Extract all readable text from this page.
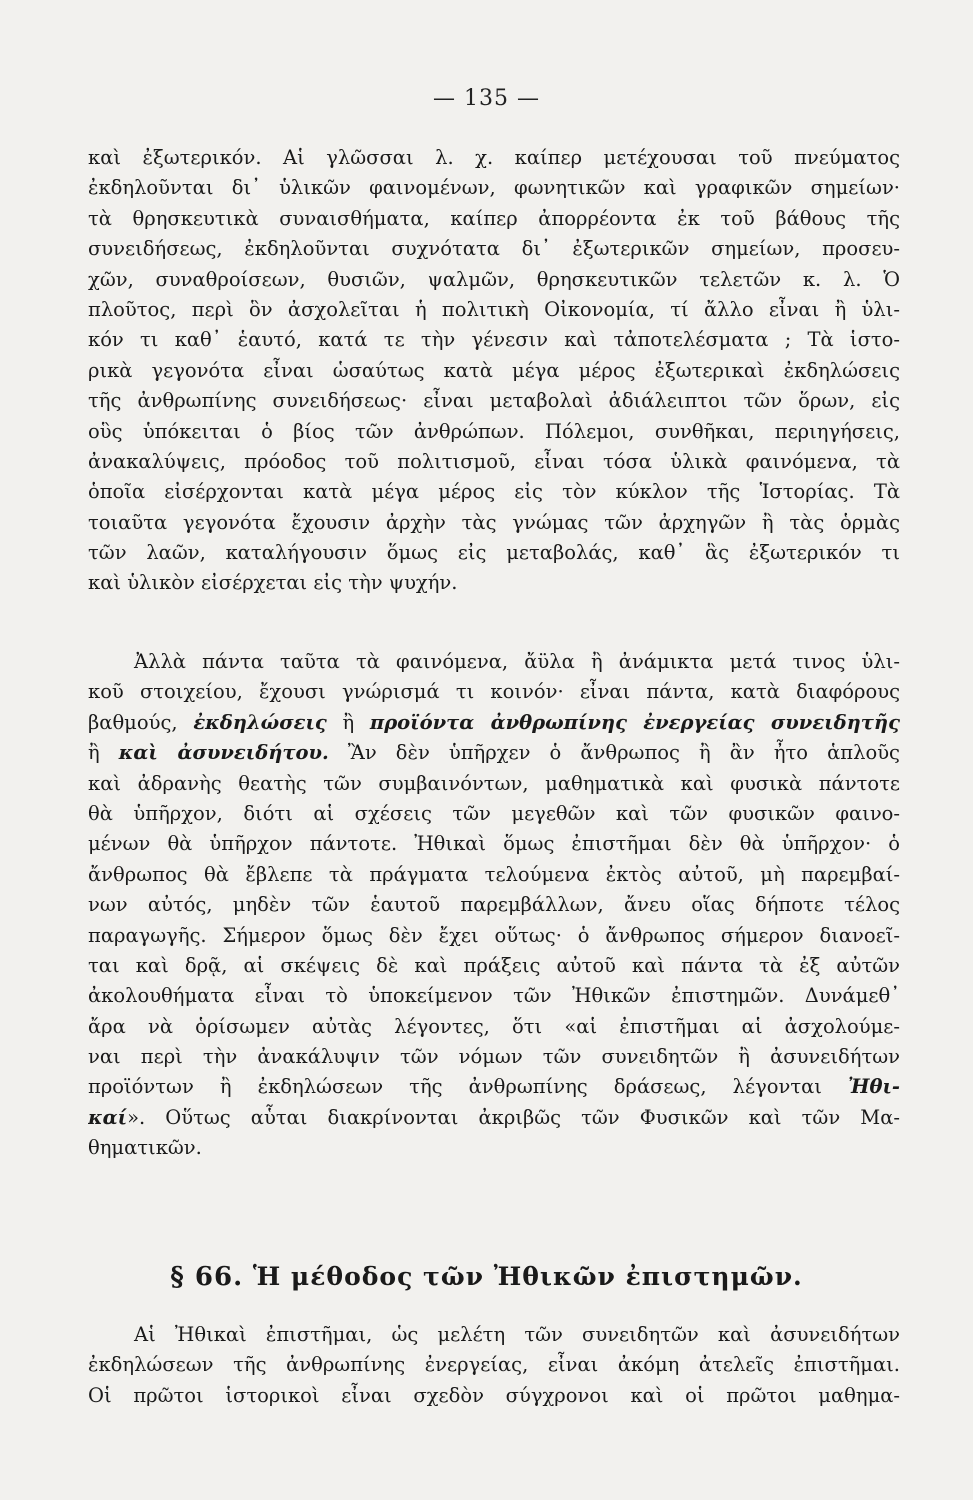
— 135 —
καὶ ἐξωτερικόν. Αἱ γλῶσσαι λ. χ. καίπερ μετέχουσαι τοῦ πνεύματος
ἐκδηλοῦνται δι᾽ ὑλικῶν φαινομένων, φωνητικῶν καὶ γραφικῶν σημείων·
τὰ θρησκευτικὰ συναισθήματα, καίπερ ἀπορρέοντα ἐκ τοῦ βάθους τῆς
συνειδήσεως, ἐκδηλοῦνται συχνότατα δι᾽ ἐξωτερικῶν σημείων, προσευ-
χῶν, συναθροίσεων, θυσιῶν, ψαλμῶν, θρησκευτικῶν τελετῶν κ. λ. Ὁ
πλοῦτος, περὶ ὃν ἀσχολεῖται ἡ πολιτικὴ Οἰκονομία, τί ἄλλο εἶναι ἢ ὑλι-
κόν τι καθ᾽ ἑαυτό, κατά τε τὴν γένεσιν καὶ τἀποτελέσματα ; Τὰ ἱστο-
ρικὰ γεγονότα εἶναι ὡσαύτως κατὰ μέγα μέρος ἐξωτερικαὶ ἐκδηλώσεις
τῆς ἀνθρωπίνης συνειδήσεως· εἶναι μεταβολαὶ ἀδιάλειπτοι τῶν ὅρων, εἰς
οὓς ὑπόκειται ὁ βίος τῶν ἀνθρώπων. Πόλεμοι, συνθῆκαι, περιηγήσεις,
ἀνακαλύψεις, πρόοδος τοῦ πολιτισμοῦ, εἶναι τόσα ὑλικὰ φαινόμενα, τὰ
ὁποῖα εἰσέρχονται κατὰ μέγα μέρος εἰς τὸν κύκλον τῆς Ἱστορίας. Τὰ
τοιαῦτα γεγονότα ἔχουσιν ἀρχὴν τὰς γνώμας τῶν ἀρχηγῶν ἢ τὰς ὁρμὰς
τῶν λαῶν, καταλήγουσιν ὅμως εἰς μεταβολάς, καθ᾽ ἃς ἐξωτερικόν τι
καὶ ὑλικὸν εἰσέρχεται εἰς τὴν ψυχήν.
Ἀλλὰ πάντα ταῦτα τὰ φαινόμενα, ἄϋλα ἢ ἀνάμικτα μετά τινος ὑλι-
κοῦ στοιχείου, ἔχουσι γνώρισμά τι κοινόν· εἶναι πάντα, κατὰ διαφόρους
βαθμούς, ἐκδηλώσεις ἢ προϊόντα ἀνθρωπίνης ἐνεργείας συνειδητῆς
ἢ καὶ ἀσυνειδήτου. Ἂν δὲν ὑπῆρχεν ὁ ἄνθρωπος ἢ ἂν ἦτο ἁπλοῦς
καὶ ἀδρανὴς θεατὴς τῶν συμβαινόντων, μαθηματικὰ καὶ φυσικὰ πάντοτε
θὰ ὑπῆρχον, διότι αἱ σχέσεις τῶν μεγεθῶν καὶ τῶν φυσικῶν φαινο-
μένων θὰ ὑπῆρχον πάντοτε. Ἠθικαὶ ὅμως ἐπιστῆμαι δὲν θὰ ὑπῆρχον· ὁ
ἄνθρωπος θὰ ἔβλεπε τὰ πράγματα τελούμενα ἐκτὸς αὐτοῦ, μὴ παρεμβαί-
νων αὐτός, μηδὲν τῶν ἑαυτοῦ παρεμβάλλων, ἄνευ οἵας δήποτε τέλος
παραγωγῆς. Σήμερον ὅμως δὲν ἔχει οὕτως· ὁ ἄνθρωπος σήμερον διανοεῖ-
ται καὶ δρᾷ, αἱ σκέψεις δὲ καὶ πράξεις αὐτοῦ καὶ πάντα τὰ ἐξ αὐτῶν
ἀκολουθήματα εἶναι τὸ ὑποκείμενον τῶν Ἠθικῶν ἐπιστημῶν. Δυνάμεθ᾽
ἄρα νὰ ὁρίσωμεν αὐτὰς λέγοντες, ὅτι «αἱ ἐπιστῆμαι αἱ ἀσχολούμε-
ναι περὶ τὴν ἀνακάλυψιν τῶν νόμων τῶν συνειδητῶν ἢ ἀσυνειδήτων
προϊόντων ἢ ἐκδηλώσεων τῆς ἀνθρωπίνης δράσεως, λέγονται Ἠθι-
καί». Οὕτως αὗται διακρίνονται ἀκριβῶς τῶν Φυσικῶν καὶ τῶν Μα-
θηματικῶν.
§ 66. Ἡ μέθοδος τῶν Ἠθικῶν ἐπιστημῶν.
Αἱ Ἠθικαὶ ἐπιστῆμαι, ὡς μελέτη τῶν συνειδητῶν καὶ ἀσυνειδήτων
ἐκδηλώσεων τῆς ἀνθρωπίνης ἐνεργείας, εἶναι ἀκόμη ἀτελεῖς ἐπιστῆμαι.
Οἱ πρῶτοι ἱστορικοὶ εἶναι σχεδὸν σύγχρονοι καὶ οἱ πρῶτοι μαθημα-
